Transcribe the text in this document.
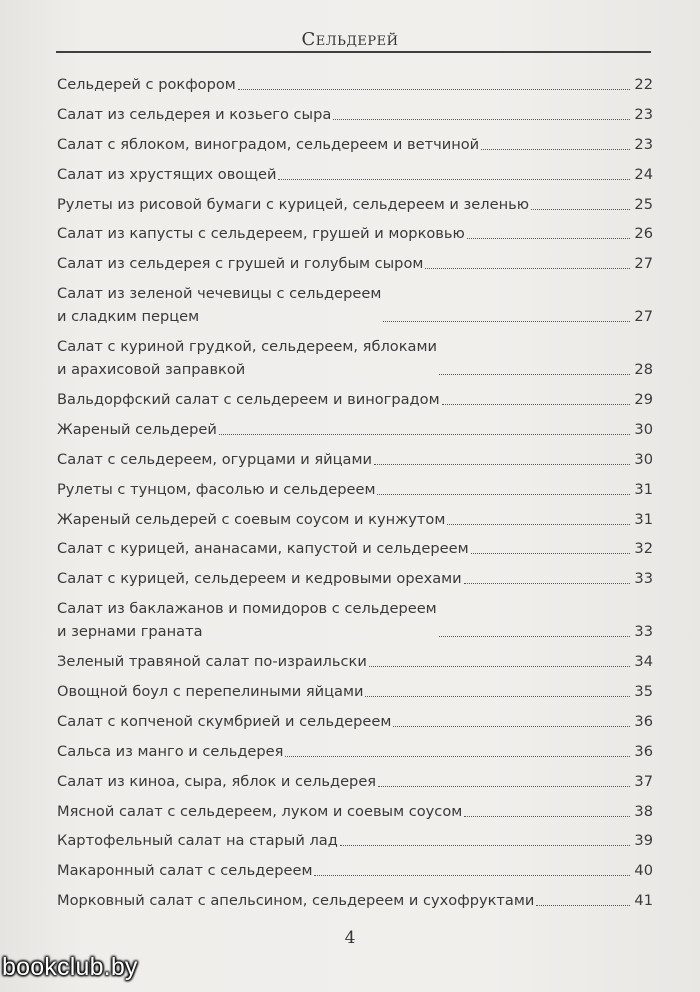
Сельдерей
Сельдерей с рокфором	22
Салат из сельдерея и козьего сыра	23
Салат с яблоком, виноградом, сельдереем и ветчиной	23
Салат из хрустящих овощей	24
Рулеты из рисовой бумаги с курицей, сельдереем и зеленью	25
Салат из капусты с сельдереем, грушей и морковью	26
Салат из сельдерея с грушей и голубым сыром	27
Салат из зеленой чечевицы с сельдереем
и сладким перцем	27
Салат с куриной грудкой, сельдереем, яблоками
и арахисовой заправкой	28
Вальдорфский салат с сельдереем и виноградом	29
Жареный сельдерей	30
Салат с сельдереем, огурцами и яйцами	30
Рулеты с тунцом, фасолью и сельдереем	31
Жареный сельдерей с соевым соусом и кунжутом	31
Салат с курицей, ананасами, капустой и сельдереем	32
Салат с курицей, сельдереем и кедровыми орехами	33
Салат из баклажанов и помидоров с сельдереем
и зернами граната	33
Зеленый травяной салат по-израильски	34
Овощной боул с перепелиными яйцами	35
Салат с копченой скумбрией и сельдереем	36
Сальса из манго и сельдерея	36
Салат из киноа, сыра, яблок и сельдерея	37
Мясной салат с сельдереем, луком и соевым соусом	38
Картофельный салат на старый лад	39
Макаронный салат с сельдереем	40
Морковный салат с апельсином, сельдереем и сухофруктами	41
4
bookclub.by
